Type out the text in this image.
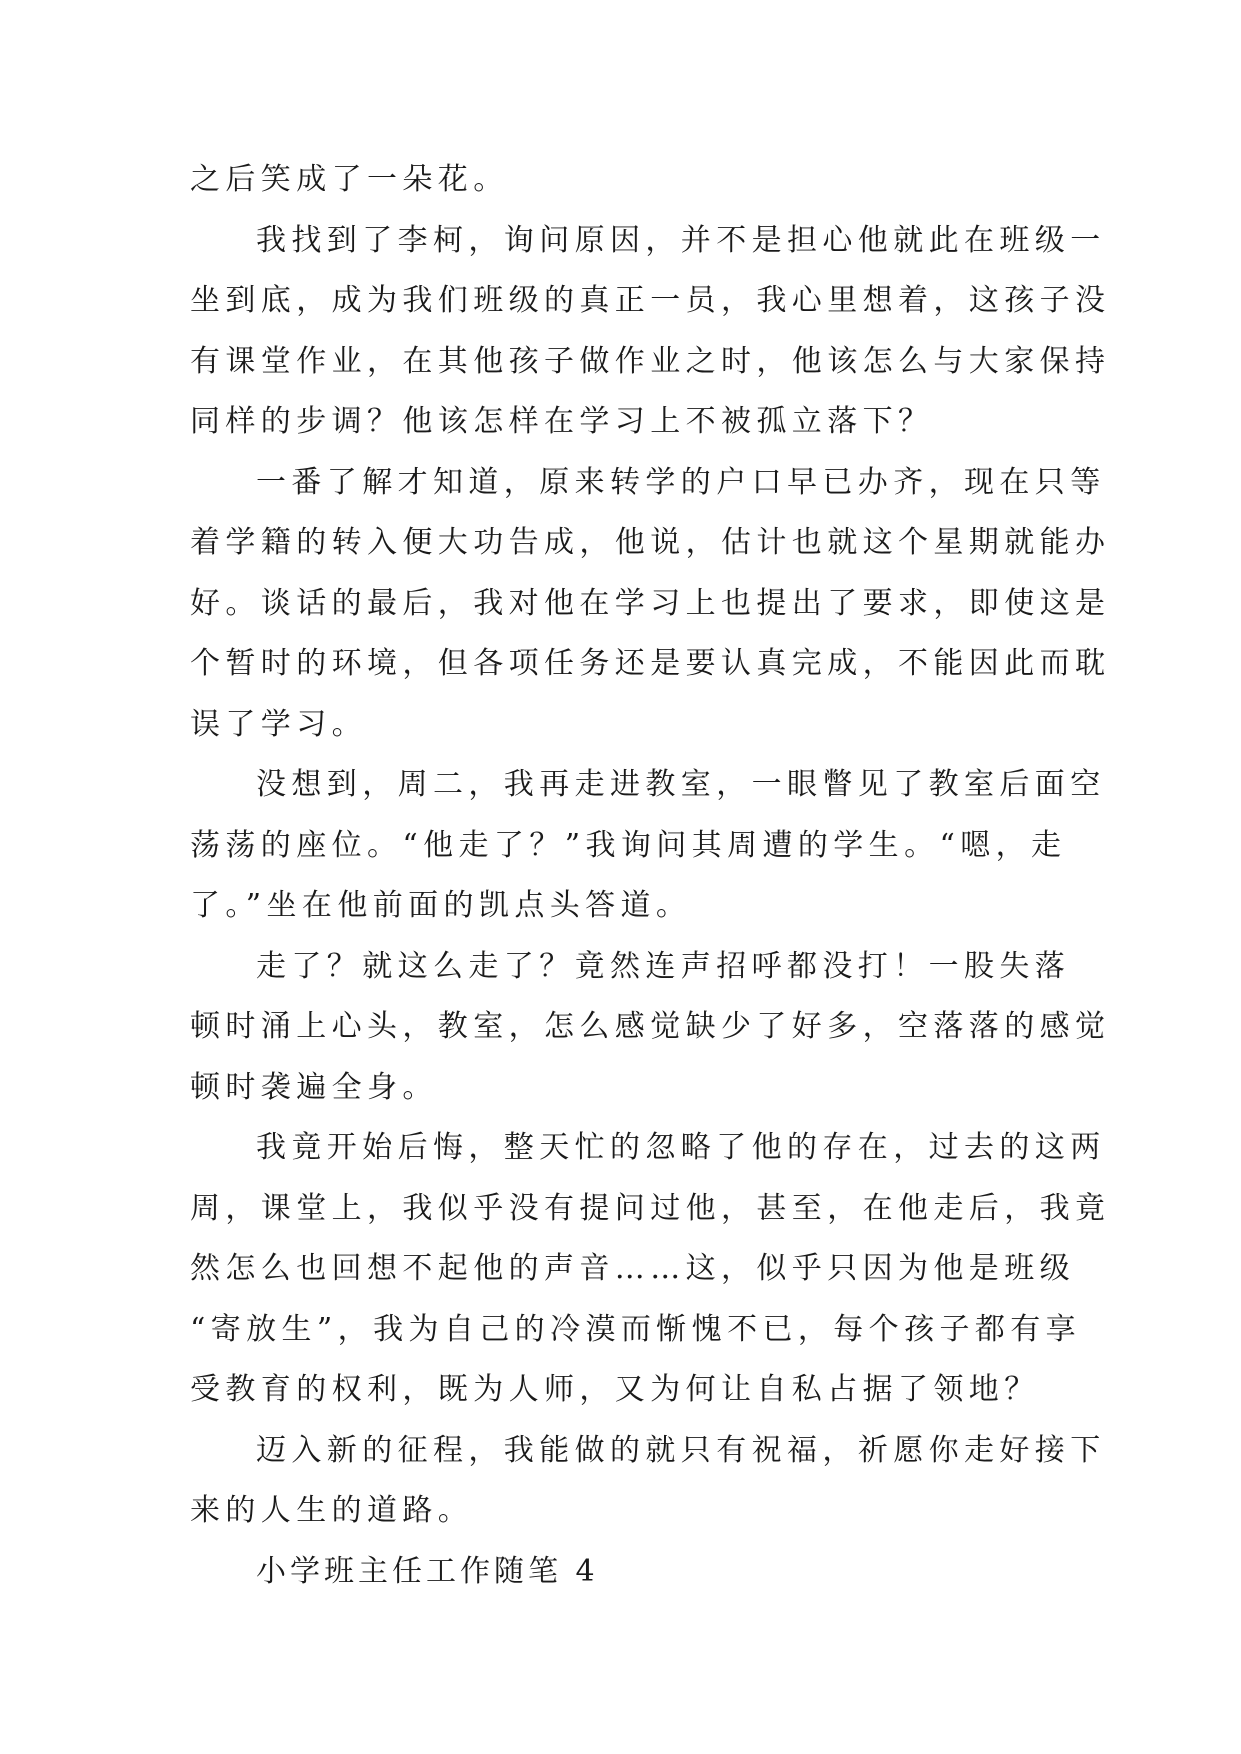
之后笑成了一朵花。
我找到了李柯，询问原因，并不是担心他就此在班级一
坐到底，成为我们班级的真正一员，我心里想着，这孩子没
有课堂作业，在其他孩子做作业之时，他该怎么与大家保持
同样的步调？他该怎样在学习上不被孤立落下？
一番了解才知道，原来转学的户口早已办齐，现在只等
着学籍的转入便大功告成，他说，估计也就这个星期就能办
好。谈话的最后，我对他在学习上也提出了要求，即使这是
个暂时的环境，但各项任务还是要认真完成，不能因此而耽
误了学习。
没想到，周二，我再走进教室，一眼瞥见了教室后面空
荡荡的座位。“他走了？”我询问其周遭的学生。“嗯，走
了。”坐在他前面的凯点头答道。
走了？就这么走了？竟然连声招呼都没打！一股失落
顿时涌上心头，教室，怎么感觉缺少了好多，空落落的感觉
顿时袭遍全身。
我竟开始后悔，整天忙的忽略了他的存在，过去的这两
周，课堂上，我似乎没有提问过他，甚至，在他走后，我竟
然怎么也回想不起他的声音……这，似乎只因为他是班级
“寄放生”，我为自己的冷漠而惭愧不已，每个孩子都有享
受教育的权利，既为人师，又为何让自私占据了领地？
迈入新的征程，我能做的就只有祝福，祈愿你走好接下
来的人生的道路。
小学班主任工作随笔 4
